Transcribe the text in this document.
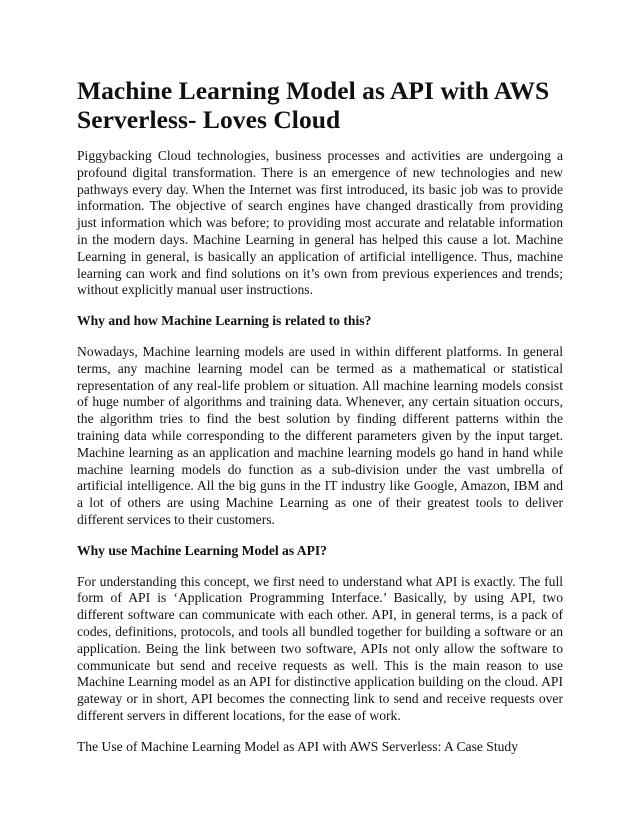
Machine Learning Model as API with AWS Serverless- Loves Cloud

Piggybacking Cloud technologies, business processes and activities are undergoing a profound digital transformation. There is an emergence of new technologies and new pathways every day. When the Internet was first introduced, its basic job was to provide information. The objective of search engines have changed drastically from providing just information which was before; to providing most accurate and relatable information in the modern days. Machine Learning in general has helped this cause a lot. Machine Learning in general, is basically an application of artificial intelligence. Thus, machine learning can work and find solutions on it’s own from previous experiences and trends; without explicitly manual user instructions.

Why and how Machine Learning is related to this?

Nowadays, Machine learning models are used in within different platforms. In general terms, any machine learning model can be termed as a mathematical or statistical representation of any real-life problem or situation. All machine learning models consist of huge number of algorithms and training data. Whenever, any certain situation occurs, the algorithm tries to find the best solution by finding different patterns within the training data while corresponding to the different parameters given by the input target. Machine learning as an application and machine learning models go hand in hand while machine learning models do function as a sub-division under the vast umbrella of artificial intelligence. All the big guns in the IT industry like Google, Amazon, IBM and a lot of others are using Machine Learning as one of their greatest tools to deliver different services to their customers.

Why use Machine Learning Model as API?

For understanding this concept, we first need to understand what API is exactly. The full form of API is ‘Application Programming Interface.’ Basically, by using API, two different software can communicate with each other. API, in general terms, is a pack of codes, definitions, protocols, and tools all bundled together for building a software or an application. Being the link between two software, APIs not only allow the software to communicate but send and receive requests as well. This is the main reason to use Machine Learning model as an API for distinctive application building on the cloud. API gateway or in short, API becomes the connecting link to send and receive requests over different servers in different locations, for the ease of work.

The Use of Machine Learning Model as API with AWS Serverless: A Case Study
